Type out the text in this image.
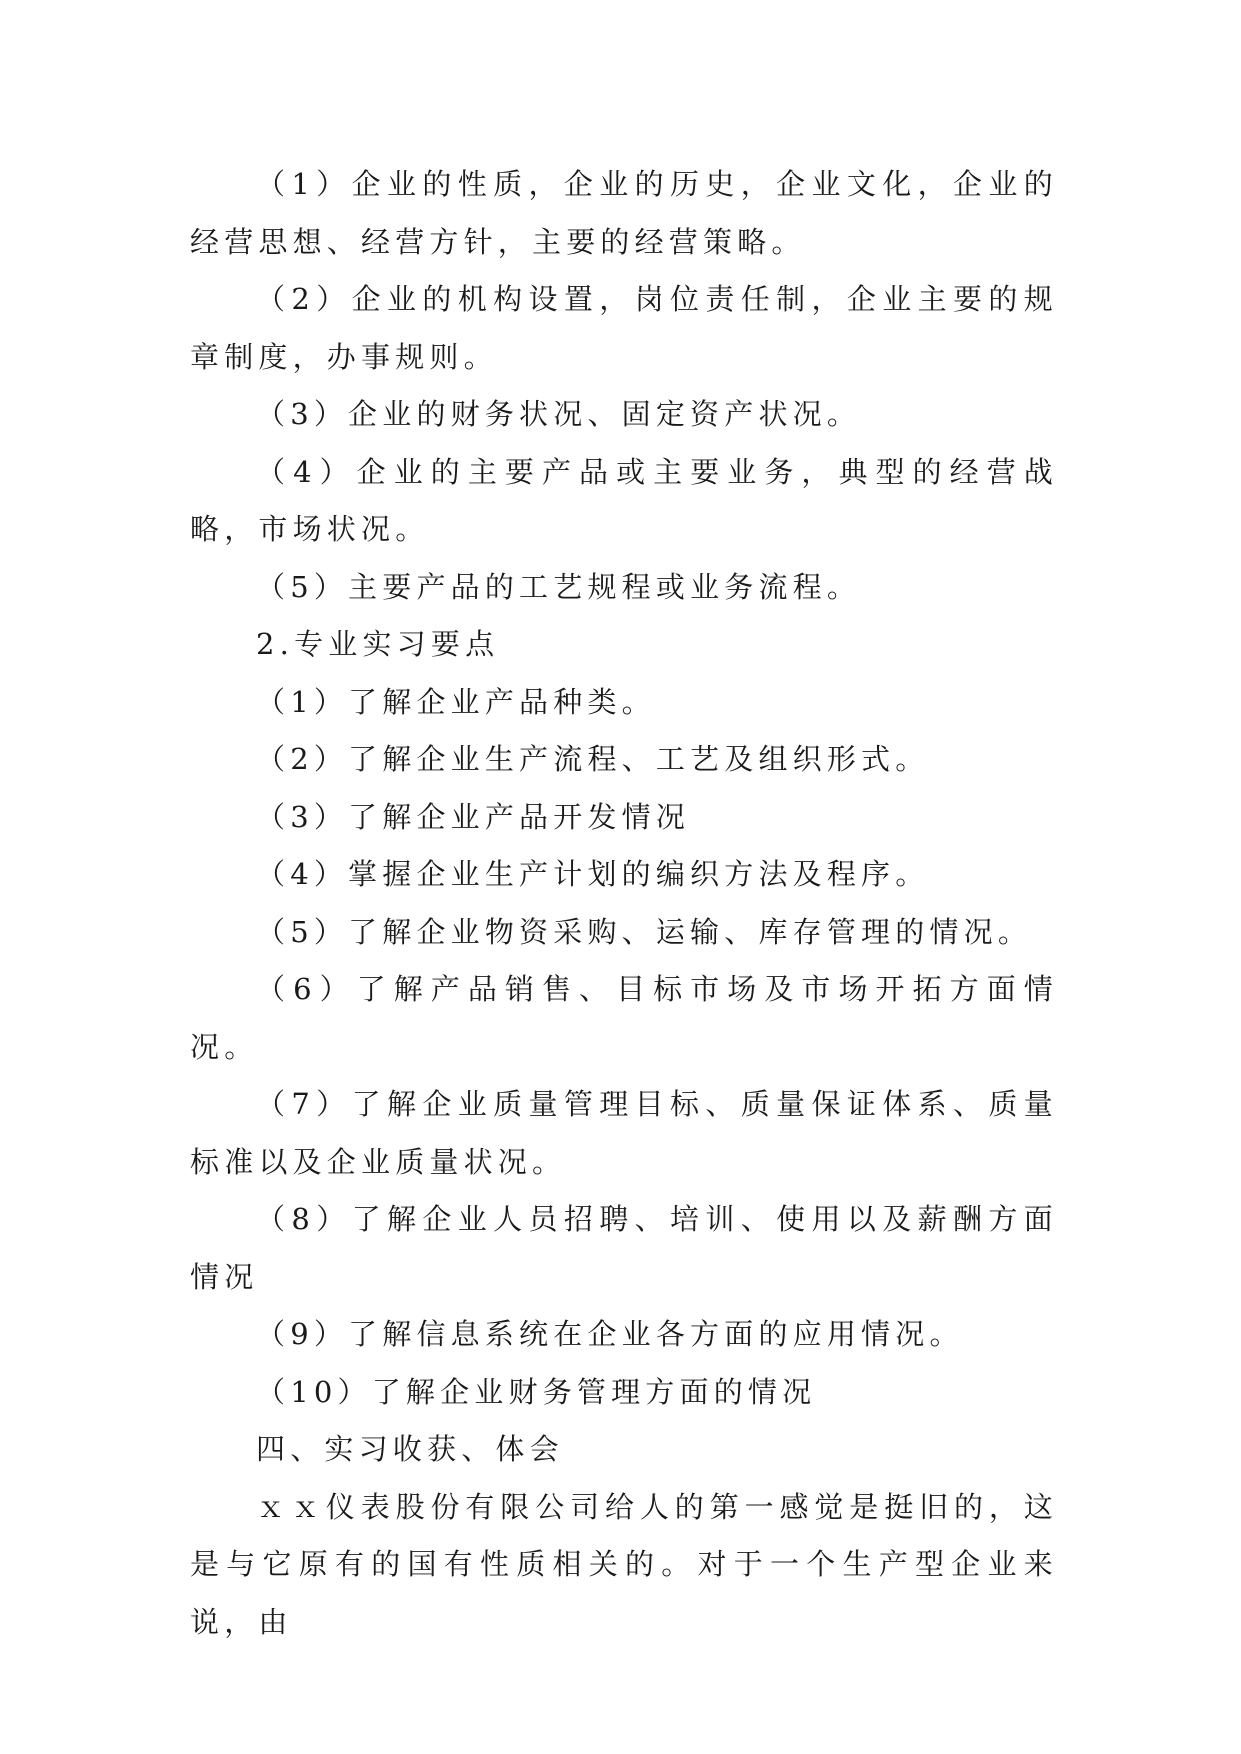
（1）企业的性质，企业的历史，企业文化，企业的经营思想、经营方针，主要的经营策略。

（2）企业的机构设置，岗位责任制，企业主要的规章制度，办事规则。

（3）企业的财务状况、固定资产状况。

（4）企业的主要产品或主要业务，典型的经营战略，市场状况。

（5）主要产品的工艺规程或业务流程。

2.专业实习要点

（1）了解企业产品种类。

（2）了解企业生产流程、工艺及组织形式。

（3）了解企业产品开发情况

（4）掌握企业生产计划的编织方法及程序。

（5）了解企业物资采购、运输、库存管理的情况。

（6）了解产品销售、目标市场及市场开拓方面情况。

（7）了解企业质量管理目标、质量保证体系、质量标准以及企业质量状况。

（8）了解企业人员招聘、培训、使用以及薪酬方面情况

（9）了解信息系统在企业各方面的应用情况。

（10）了解企业财务管理方面的情况

四、实习收获、体会

ｘｘ仪表股份有限公司给人的第一感觉是挺旧的，这是与它原有的国有性质相关的。对于一个生产型企业来说，由
